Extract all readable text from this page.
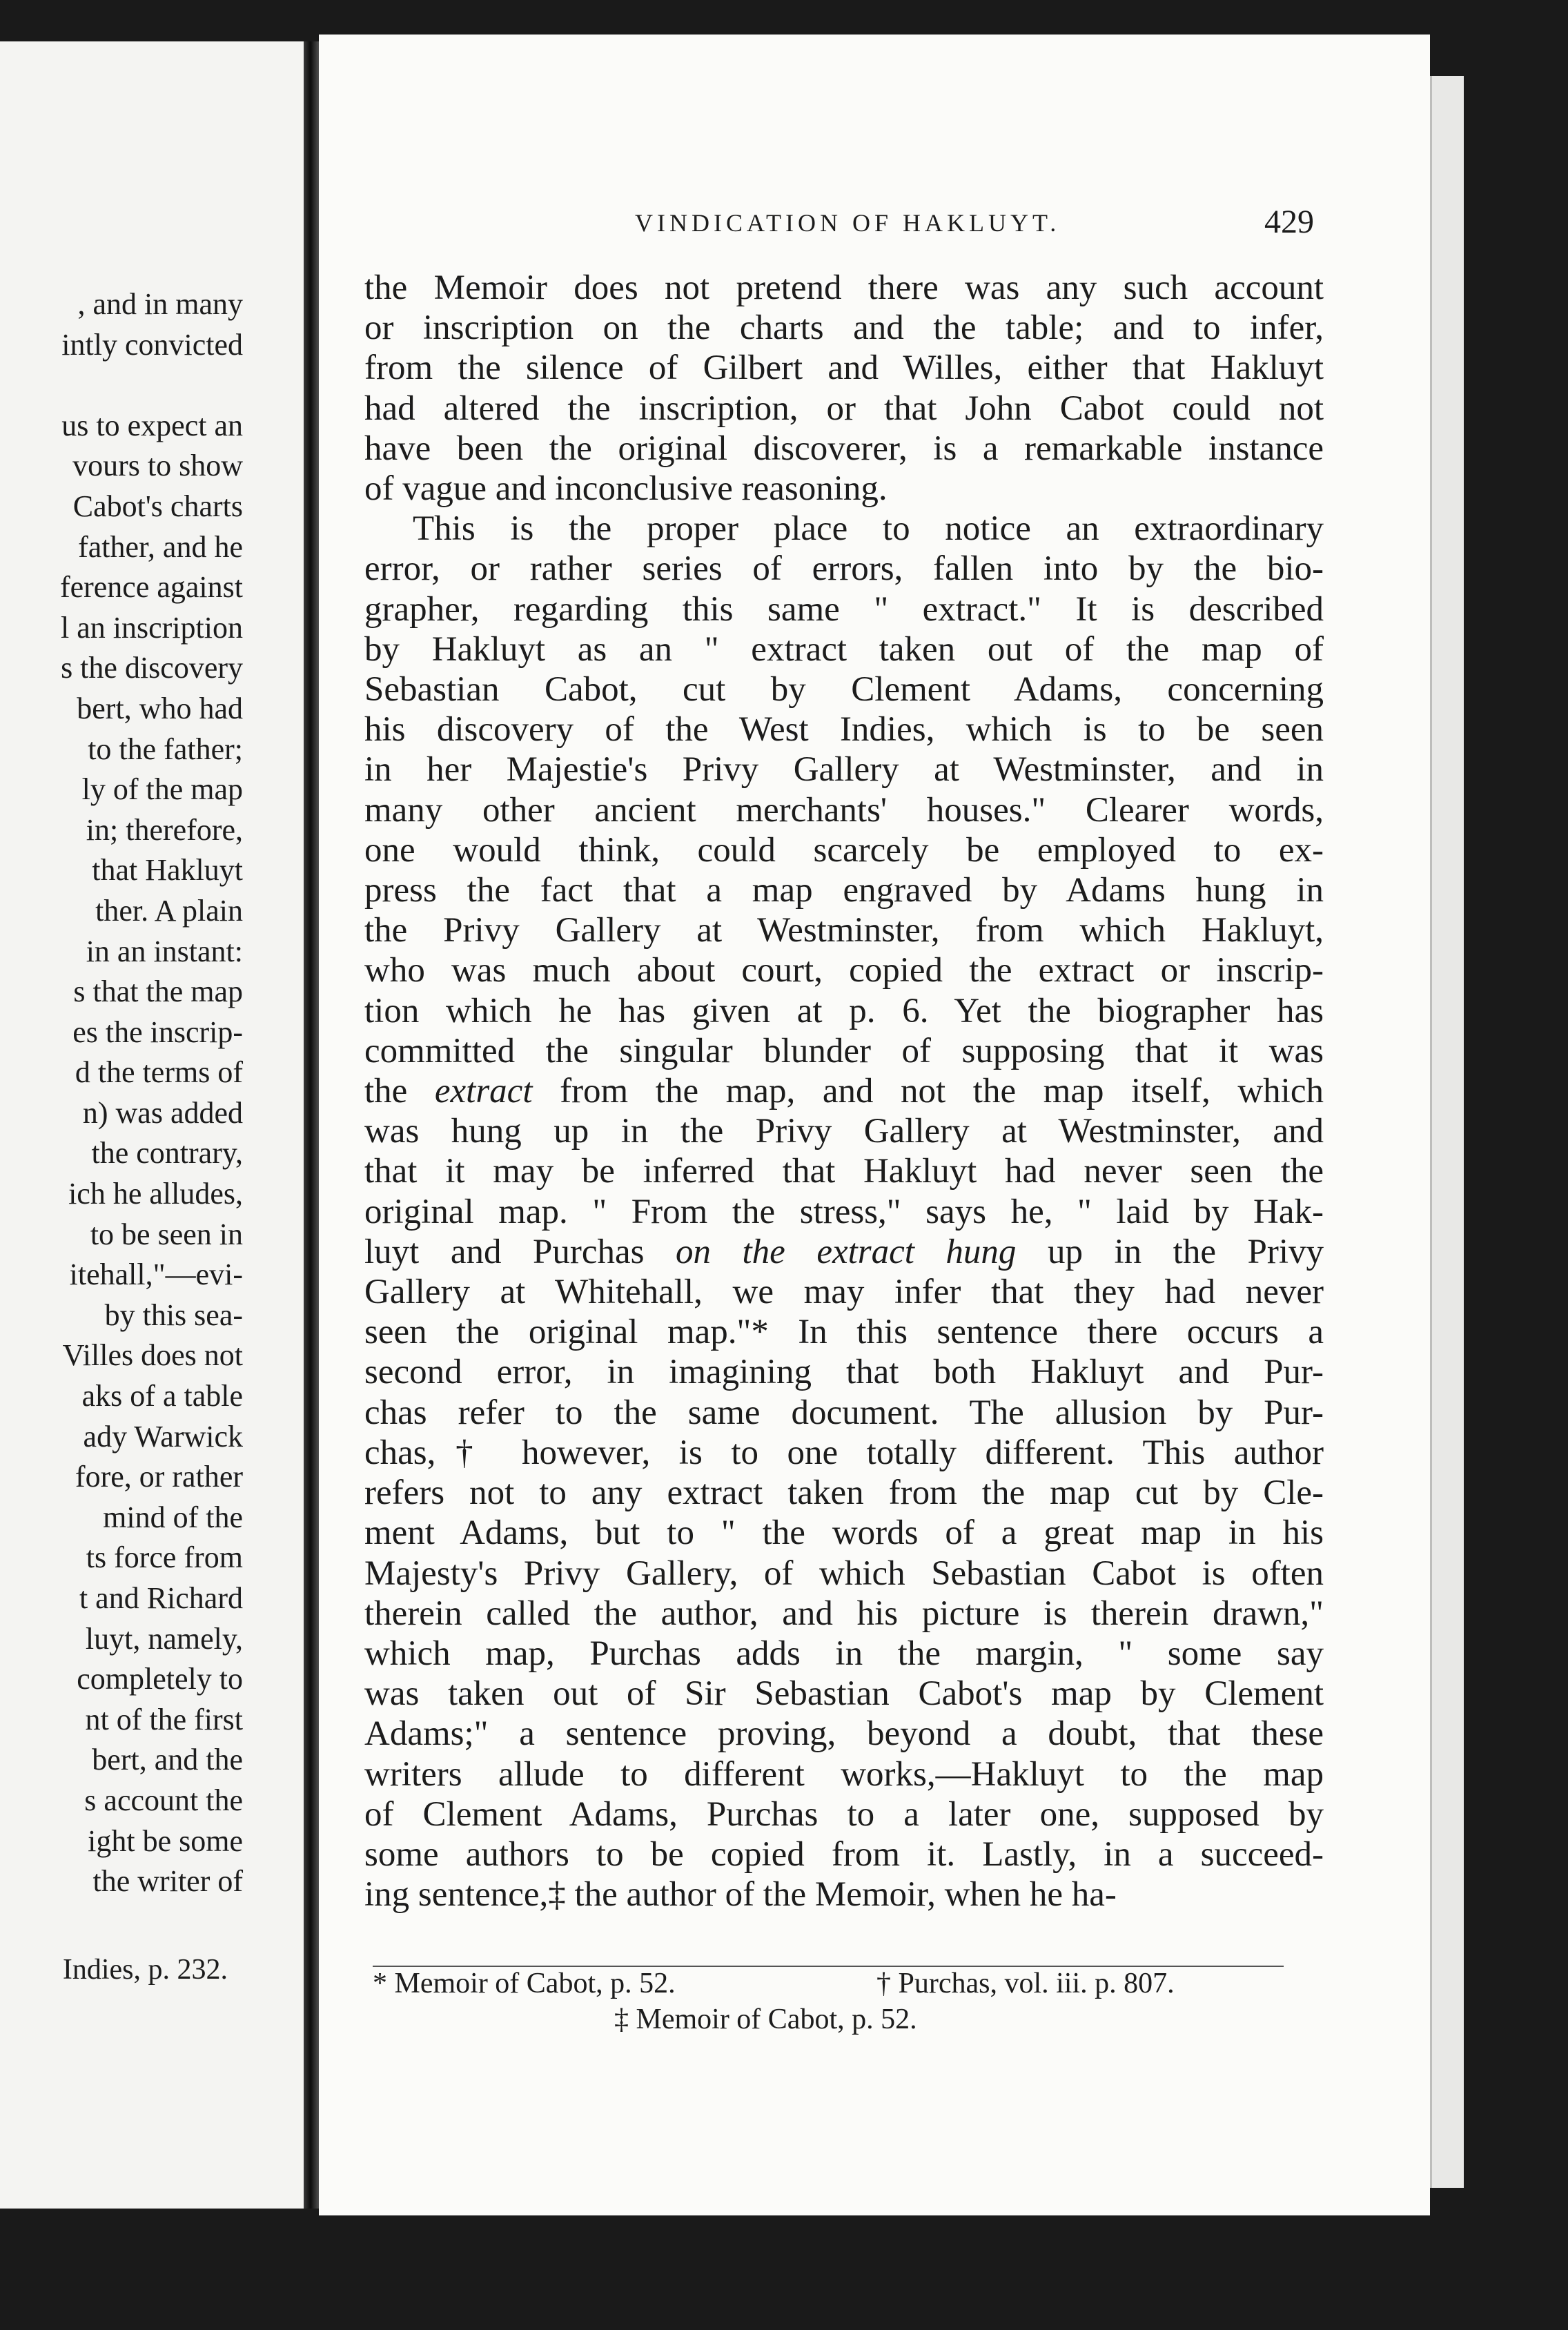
, and in many
intly convicted

us to expect an
vours to show
Cabot's charts
father, and he
ference against
l an inscription
s the discovery
bert, who had
to the father;
ly of the map
in; therefore,
that Hakluyt
ther. A plain
in an instant:
s that the map
es the inscrip-
d the terms of
n) was added
the contrary,
ich he alludes,
to be seen in
itehall,"—evi-
by this sea-
Villes does not
aks of a table
ady Warwick
fore, or rather
mind of the
ts force from
t and Richard
luyt, namely,
completely to
nt of the first
bert, and the
s account the
ight be some
the writer of
Indies, p. 232.
VINDICATION OF HAKLUYT.	429
the Memoir does not pretend there was any such account
or inscription on the charts and the table; and to infer,
from the silence of Gilbert and Willes, either that Hakluyt
had altered the inscription, or that John Cabot could not
have been the original discoverer, is a remarkable instance
of vague and inconclusive reasoning.
This is the proper place to notice an extraordinary
error, or rather series of errors, fallen into by the bio-
grapher, regarding this same " extract." It is described
by Hakluyt as an " extract taken out of the map of
Sebastian Cabot, cut by Clement Adams, concerning
his discovery of the West Indies, which is to be seen
in her Majestie's Privy Gallery at Westminster, and in
many other ancient merchants' houses." Clearer words,
one would think, could scarcely be employed to ex-
press the fact that a map engraved by Adams hung in
the Privy Gallery at Westminster, from which Hakluyt,
who was much about court, copied the extract or inscrip-
tion which he has given at p. 6. Yet the biographer has
committed the singular blunder of supposing that it was
the extract from the map, and not the map itself, which
was hung up in the Privy Gallery at Westminster, and
that it may be inferred that Hakluyt had never seen the
original map. " From the stress," says he, " laid by Hak-
luyt and Purchas on the extract hung up in the Privy
Gallery at Whitehall, we may infer that they had never
seen the original map."* In this sentence there occurs a
second error, in imagining that both Hakluyt and Pur-
chas refer to the same document. The allusion by Pur-
chas,† however, is to one totally different. This author
refers not to any extract taken from the map cut by Cle-
ment Adams, but to " the words of a great map in his
Majesty's Privy Gallery, of which Sebastian Cabot is often
therein called the author, and his picture is therein drawn,"
which map, Purchas adds in the margin, " some say
was taken out of Sir Sebastian Cabot's map by Clement
Adams;" a sentence proving, beyond a doubt, that these
writers allude to different works,—Hakluyt to the map
of Clement Adams, Purchas to a later one, supposed by
some authors to be copied from it. Lastly, in a succeed-
ing sentence,‡ the author of the Memoir, when he ha-
* Memoir of Cabot, p. 52.	† Purchas, vol. iii. p. 807.
‡ Memoir of Cabot, p. 52.
